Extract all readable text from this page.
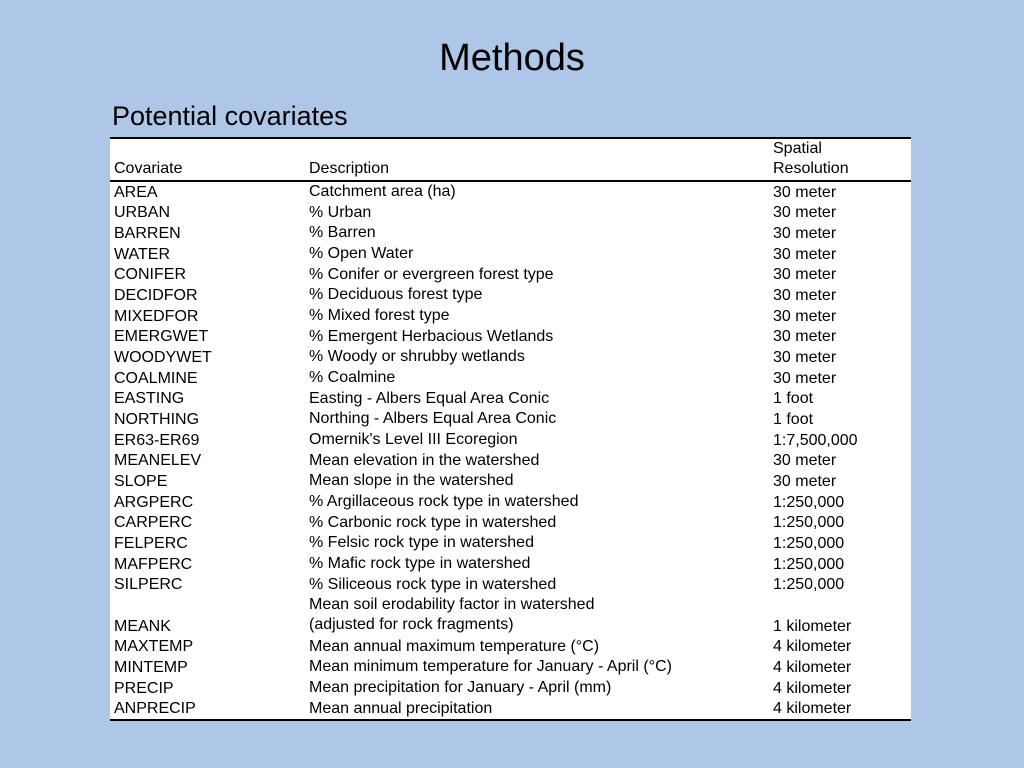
Methods
Potential covariates
Covariate	Description	Spatial
Resolution
AREA	Catchment area (ha)	30 meter
URBAN	% Urban	30 meter
BARREN	% Barren	30 meter
WATER	% Open Water	30 meter
CONIFER	% Conifer or evergreen forest type	30 meter
DECIDFOR	% Deciduous forest type	30 meter
MIXEDFOR	% Mixed forest type	30 meter
EMERGWET	% Emergent Herbacious Wetlands	30 meter
WOODYWET	% Woody or shrubby wetlands	30 meter
COALMINE	% Coalmine	30 meter
EASTING	Easting - Albers Equal Area Conic	1 foot
NORTHING	Northing - Albers Equal Area Conic	1 foot
ER63-ER69	Omernik's Level III Ecoregion	1:7,500,000
MEANELEV	Mean elevation in the watershed	30 meter
SLOPE	Mean slope in the watershed	30 meter
ARGPERC	% Argillaceous rock type in watershed	1:250,000
CARPERC	% Carbonic rock type in watershed	1:250,000
FELPERC	% Felsic rock type in watershed	1:250,000
MAFPERC	% Mafic rock type in watershed	1:250,000
SILPERC	% Siliceous rock type in watershed	1:250,000
MEANK	Mean soil erodability factor in watershed
(adjusted for rock fragments)	1 kilometer
MAXTEMP	Mean annual maximum temperature (°C)	4 kilometer
MINTEMP	Mean minimum temperature for January - April (°C)	4 kilometer
PRECIP	Mean precipitation for January - April (mm)	4 kilometer
ANPRECIP	Mean annual precipitation	4 kilometer
